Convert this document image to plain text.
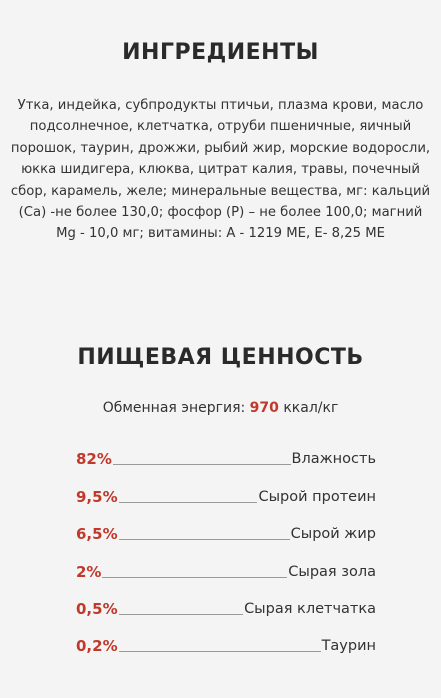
ИНГРЕДИЕНТЫ

Утка, индейка, субпродукты птичьи, плазма крови, масло подсолнечное, клетчатка, отруби пшеничные, яичный порошок, таурин, дрожжи, рыбий жир, морские водоросли, юкка шидигера, клюква, цитрат калия, травы, почечный сбор, карамель, желе; минеральные вещества, мг: кальций (Ca) -не более 130,0; фосфор (P) – не более 100,0; магний Mg - 10,0 мг; витамины: А - 1219 МЕ, Е- 8,25 МЕ

ПИЩЕВАЯ ЦЕННОСТЬ
Обменная энергия: 970 ккал/кг
82%	Влажность
9,5%	Сырой протеин
6,5%	Сырой жир
2%	Сырая зола
0,5%	Сырая клетчатка
0,2%	Таурин
